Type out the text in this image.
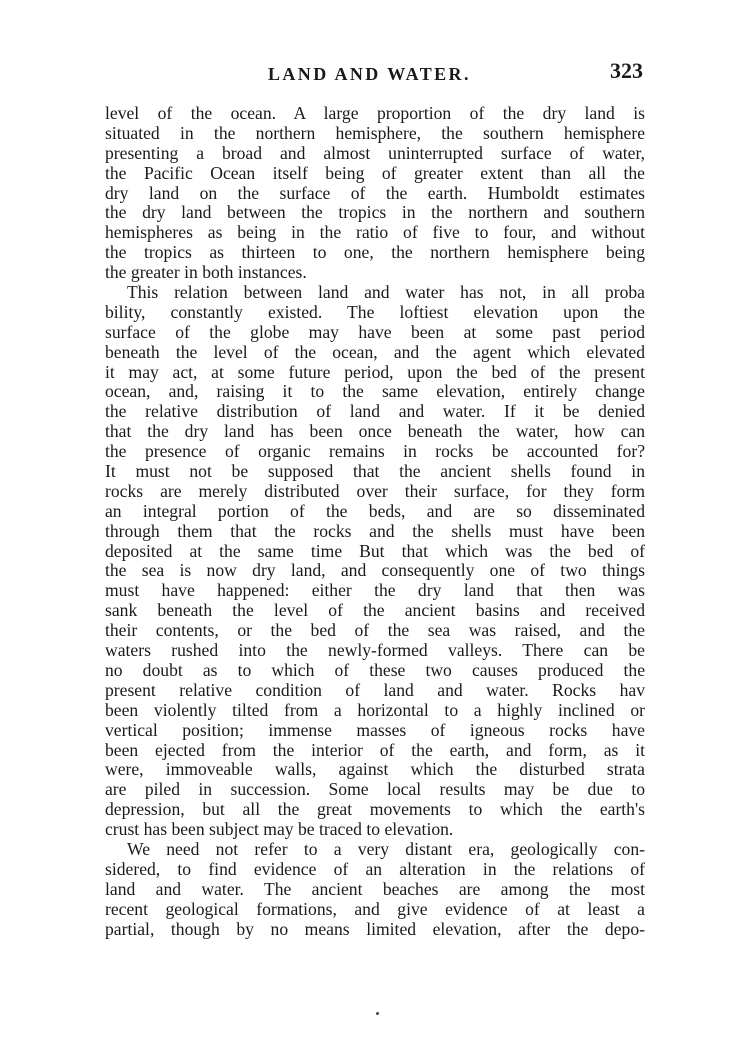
LAND AND WATER.	323
level of the ocean. A large proportion of the dry land is
situated in the northern hemisphere, the southern hemisphere
presenting a broad and almost uninterrupted surface of water,
the Pacific Ocean itself being of greater extent than all the
dry land on the surface of the earth. Humboldt estimates
the dry land between the tropics in the northern and southern
hemispheres as being in the ratio of five to four, and without
the tropics as thirteen to one, the northern hemisphere being
the greater in both instances.
This relation between land and water has not, in all proba
bility, constantly existed. The loftiest elevation upon the
surface of the globe may have been at some past period
beneath the level of the ocean, and the agent which elevated
it may act, at some future period, upon the bed of the present
ocean, and, raising it to the same elevation, entirely change
the relative distribution of land and water. If it be denied
that the dry land has been once beneath the water, how can
the presence of organic remains in rocks be accounted for?
It must not be supposed that the ancient shells found in
rocks are merely distributed over their surface, for they form
an integral portion of the beds, and are so disseminated
through them that the rocks and the shells must have been
deposited at the same time But that which was the bed of
the sea is now dry land, and consequently one of two things
must have happened: either the dry land that then was
sank beneath the level of the ancient basins and received
their contents, or the bed of the sea was raised, and the
waters rushed into the newly-formed valleys. There can be
no doubt as to which of these two causes produced the
present relative condition of land and water. Rocks hav
been violently tilted from a horizontal to a highly inclined or
vertical position; immense masses of igneous rocks have
been ejected from the interior of the earth, and form, as it
were, immoveable walls, against which the disturbed strata
are piled in succession. Some local results may be due to
depression, but all the great movements to which the earth's
crust has been subject may be traced to elevation.
We need not refer to a very distant era, geologically con-
sidered, to find evidence of an alteration in the relations of
land and water. The ancient beaches are among the most
recent geological formations, and give evidence of at least a
partial, though by no means limited elevation, after the depo-
